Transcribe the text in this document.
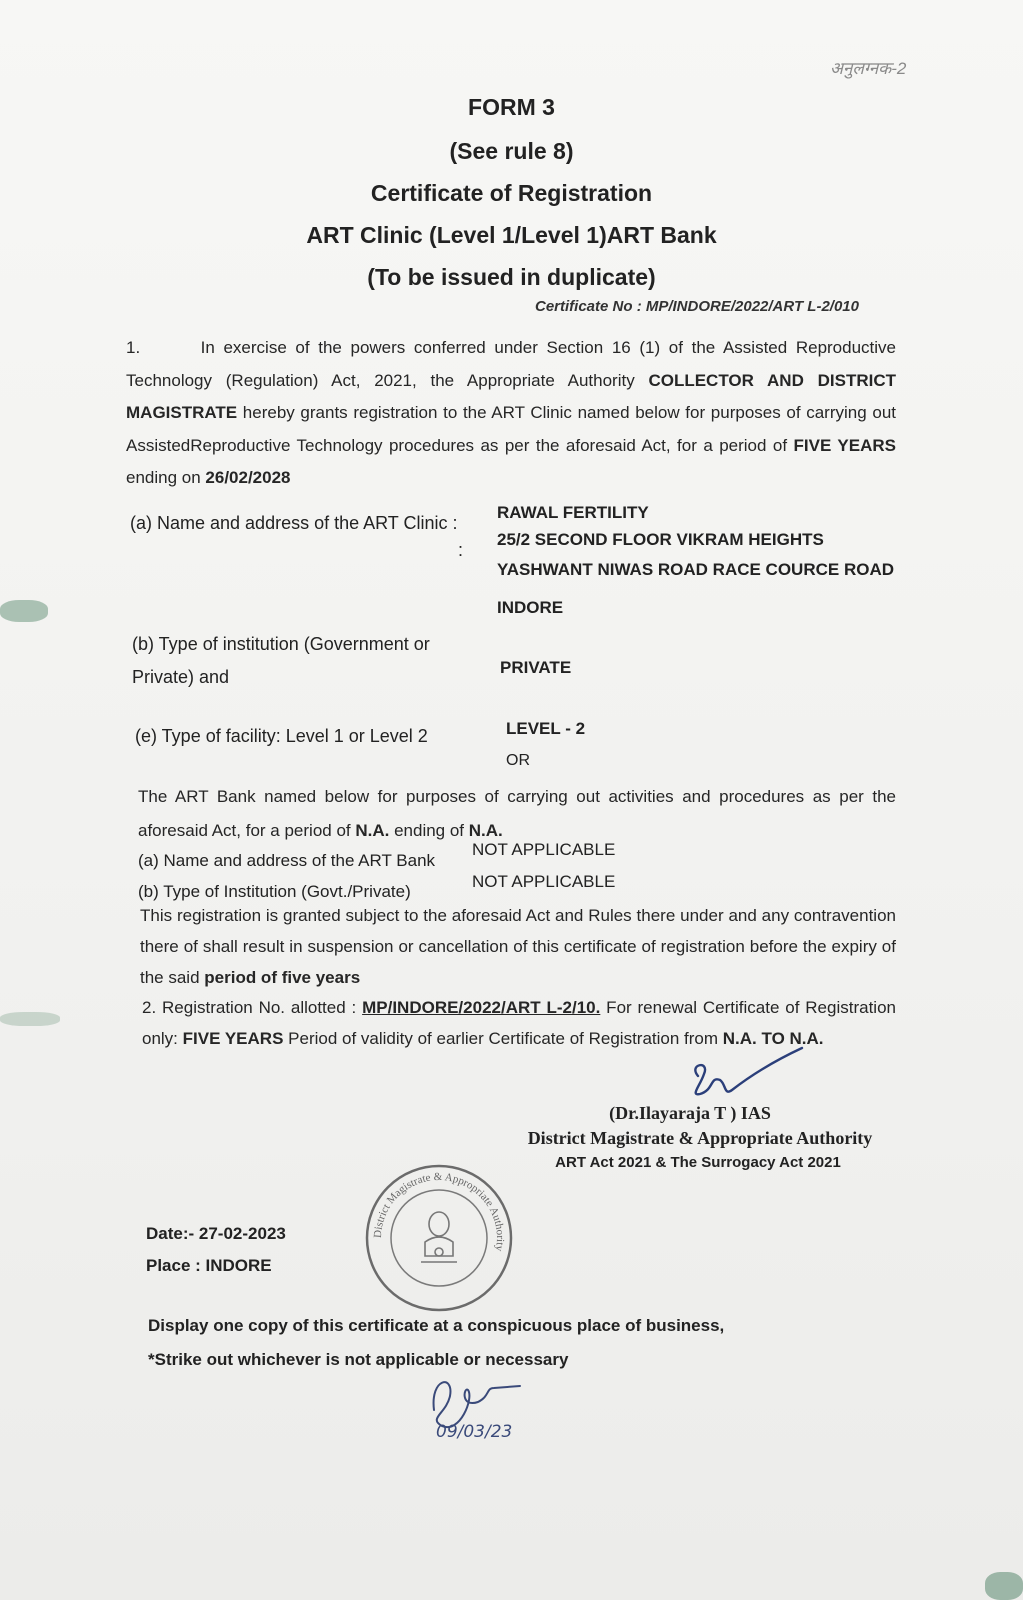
अनुलग्नक-2
FORM 3
(See rule 8)
Certificate of Registration
ART Clinic (Level 1/Level 1)ART Bank
(To be issued in duplicate)
Certificate No : MP/INDORE/2022/ART L-2/010
1.	In exercise of the powers conferred under Section 16 (1) of the Assisted Reproductive Technology (Regulation) Act, 2021, the Appropriate Authority COLLECTOR AND DISTRICT MAGISTRATE hereby grants registration to the ART Clinic named below for purposes of carrying out AssistedReproductive Technology procedures as per the aforesaid Act, for a period of FIVE YEARS ending on 26/02/2028
(a) Name and address of the ART Clinic :
:
RAWAL FERTILITY
25/2 SECOND FLOOR VIKRAM HEIGHTS
YASHWANT NIWAS ROAD RACE COURCE ROAD
INDORE
(b) Type of institution (Government or
Private) and	PRIVATE
(e) Type of facility: Level 1 or Level 2	LEVEL - 2
OR
The ART Bank named below for purposes of carrying out activities and procedures as per the aforesaid Act, for a period of N.A. ending of N.A.
(a) Name and address of the ART Bank
NOT APPLICABLE
(b) Type of Institution (Govt./Private)
NOT APPLICABLE
This registration is granted subject to the aforesaid Act and Rules there under and any contravention there of shall result in suspension or cancellation of this certificate of registration before the expiry of the said period of five years
2. Registration No. allotted : MP/INDORE/2022/ART L-2/10. For renewal Certificate of Registration only: FIVE YEARS Period of validity of earlier Certificate of Registration from N.A. TO N.A.
(Dr.Ilayaraja T ) IAS
District Magistrate & Appropriate Authority
ART Act 2021 & The Surrogacy Act 2021
District Magistrate & Appropriate Authority
Date:- 27-02-2023
Place : INDORE
Display one copy of this certificate at a conspicuous place of business,
*Strike out whichever is not applicable or necessary
09/03/23
